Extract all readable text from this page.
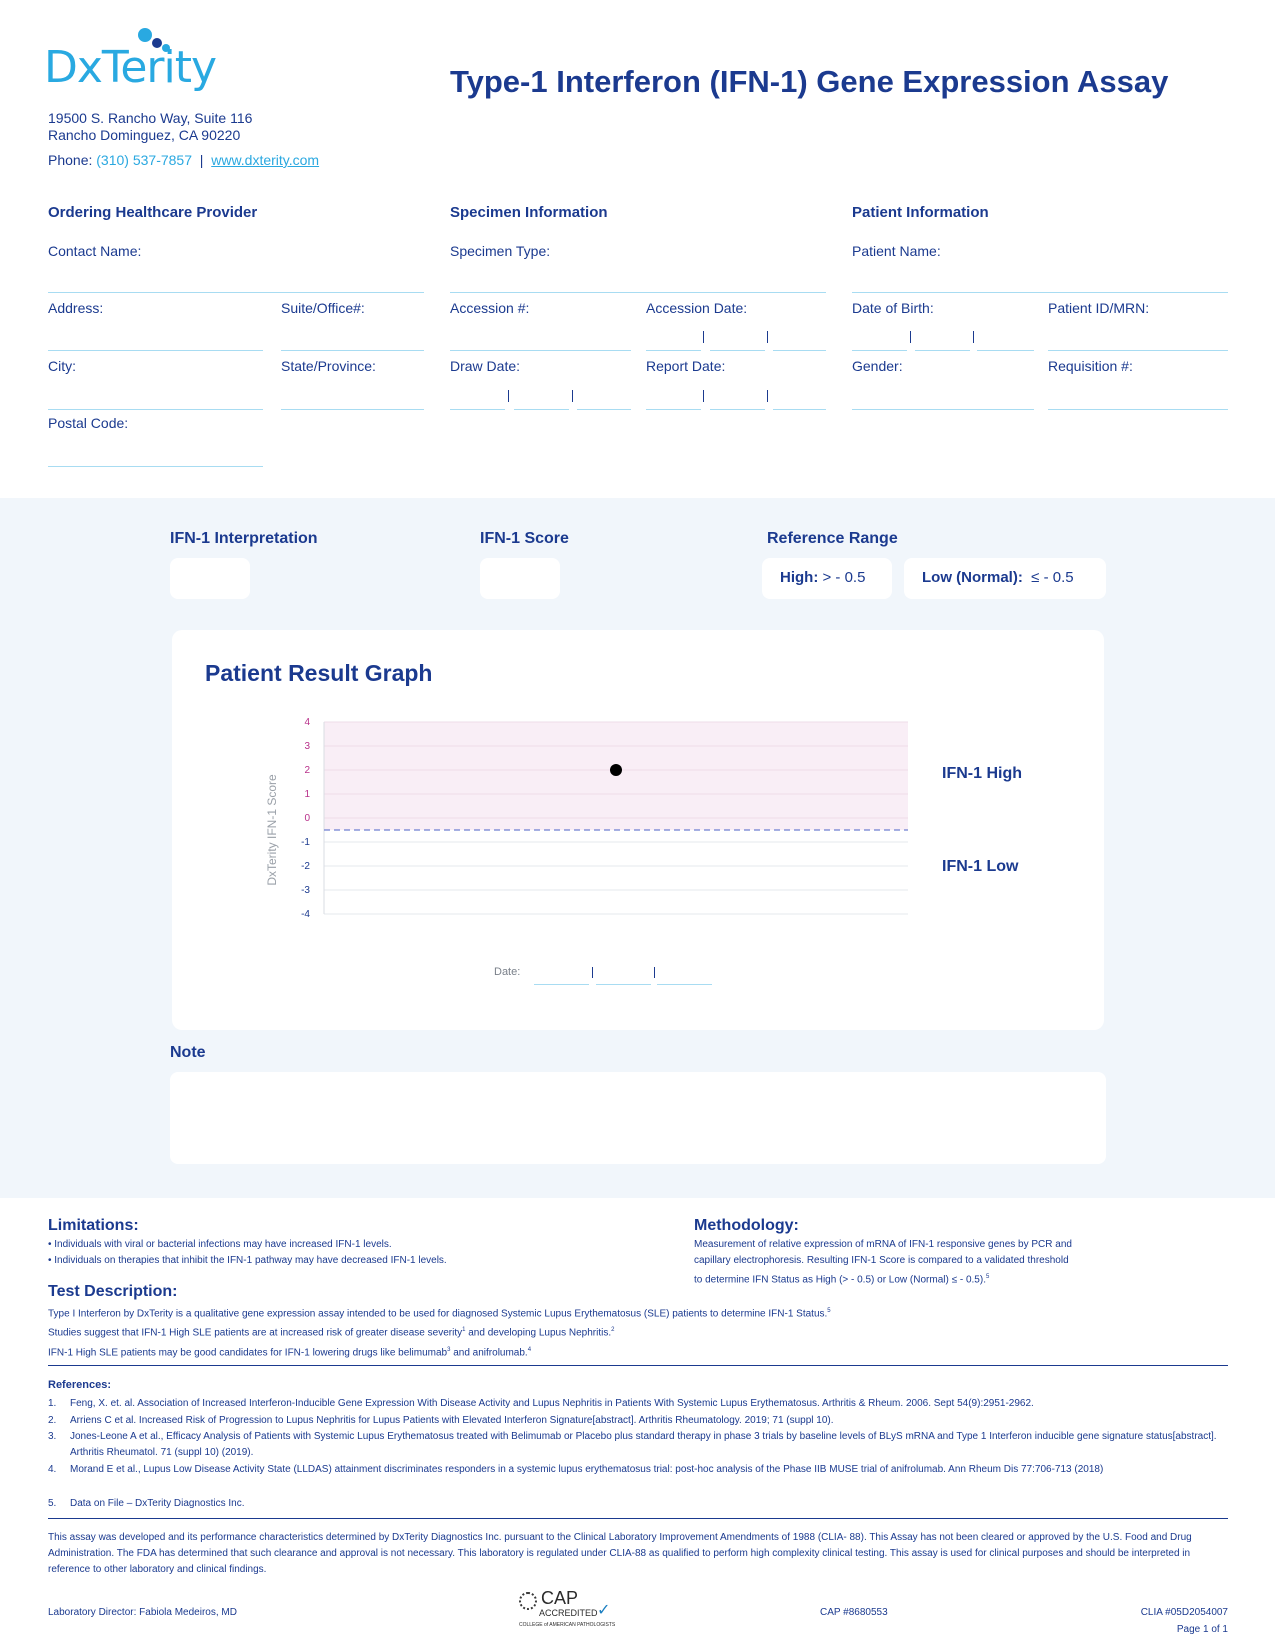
DxTerity	Type-1 Interferon (IFN-1) Gene Expression Assay
19500 S. Rancho Way, Suite 116
Rancho Dominguez, CA 90220
Phone: (310) 537-7857 | www.dxterity.com
Ordering Healthcare Provider
Contact Name:
Address:	Suite/Office#:
City:	State/Province:
Postal Code:
Specimen Information
Specimen Type:
Accession #:	Accession Date:
Draw Date:	Report Date:
Patient Information
Patient Name:
Date of Birth:	Patient ID/MRN:
Gender:	Requisition #:
IFN-1 Interpretation	IFN-1 Score	Reference Range
High: > - 0.5	Low (Normal): ≤ - 0.5
Patient Result Graph
4
3
2
1
0
-1
-2
-3
-4
DxTerity IFN-1 Score
IFN-1 High
IFN-1 Low
Date:
Note
Limitations:
• Individuals with viral or bacterial infections may have increased IFN-1 levels.
• Individuals on therapies that inhibit the IFN-1 pathway may have decreased IFN-1 levels.
Methodology:
Measurement of relative expression of mRNA of IFN-1 responsive genes by PCR and
capillary electrophoresis. Resulting IFN-1 Score is compared to a validated threshold
to determine IFN Status as High (> - 0.5) or Low (Normal) ≤ - 0.5).$^5$
Test Description:
Type I Interferon by DxTerity is a qualitative gene expression assay intended to be used for diagnosed Systemic Lupus Erythematosus (SLE) patients to determine IFN-1 Status.$^5$
Studies suggest that IFN-1 High SLE patients are at increased risk of greater disease severity$^1$ and developing Lupus Nephritis.$^2$
IFN-1 High SLE patients may be good candidates for IFN-1 lowering drugs like belimumab$^3$ and anifrolumab.$^4$
References:
1. Feng, X. et. al. Association of Increased Interferon-Inducible Gene Expression With Disease Activity and Lupus Nephritis in Patients With Systemic Lupus Erythematosus. Arthritis & Rheum. 2006. Sept 54(9):2951-2962.
2. Arriens C et al. Increased Risk of Progression to Lupus Nephritis for Lupus Patients with Elevated Interferon Signature[abstract]. Arthritis Rheumatology. 2019; 71 (suppl 10).
3. Jones-Leone A et al., Efficacy Analysis of Patients with Systemic Lupus Erythematosus treated with Belimumab or Placebo plus standard therapy in phase 3 trials by baseline levels of BLyS mRNA and Type 1 Interferon inducible gene signature status[abstract]. Arthritis Rheumatol. 71 (suppl 10) (2019).
4. Morand E et al., Lupus Low Disease Activity State (LLDAS) attainment discriminates responders in a systemic lupus erythematosus trial: post-hoc analysis of the Phase IIB MUSE trial of anifrolumab. Ann Rheum Dis 77:706-713 (2018)
5. Data on File – DxTerity Diagnostics Inc.
This assay was developed and its performance characteristics determined by DxTerity Diagnostics Inc. pursuant to the Clinical Laboratory Improvement Amendments of 1988 (CLIA- 88). This Assay has not been cleared or approved by the U.S. Food and Drug Administration. The FDA has determined that such clearance and approval is not necessary. This laboratory is regulated under CLIA-88 as qualified to perform high complexity clinical testing. This assay is used for clinical purposes and should be interpreted in reference to other laboratory and clinical findings.
Laboratory Director: Fabiola Medeiros, MD
CAP
ACCREDITED ✓
COLLEGE of AMERICAN PATHOLOGISTS
CAP #8680553	CLIA #05D2054007
Page 1 of 1
